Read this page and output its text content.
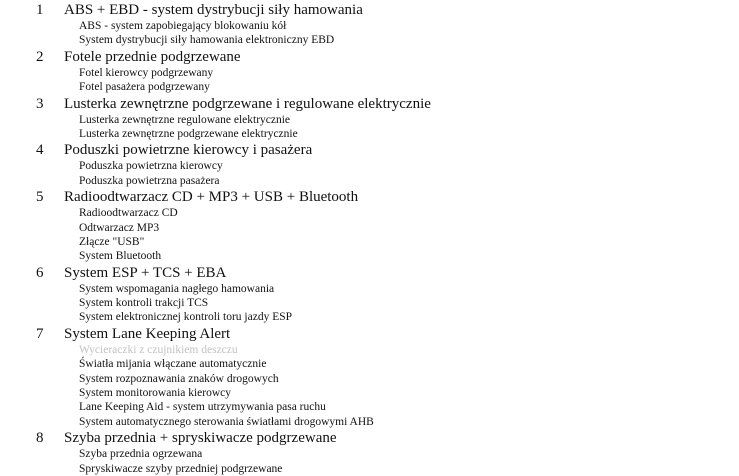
1 ABS + EBD - system dystrybucji siły hamowania
ABS - system zapobiegający blokowaniu kół
System dystrybucji siły hamowania elektroniczny EBD
2 Fotele przednie podgrzewane
Fotel kierowcy podgrzewany
Fotel pasażera podgrzewany
3 Lusterka zewnętrzne podgrzewane i regulowane elektrycznie
Lusterka zewnętrzne regulowane elektrycznie
Lusterka zewnętrzne podgrzewane elektrycznie
4 Poduszki powietrzne kierowcy i pasażera
Poduszka powietrzna kierowcy
Poduszka powietrzna pasażera
5 Radioodtwarzacz CD + MP3 + USB + Bluetooth
Radioodtwarzacz CD
Odtwarzacz MP3
Złącze "USB"
System Bluetooth
6 System ESP + TCS + EBA
System wspomagania nagłego hamowania
System kontroli trakcji TCS
System elektronicznej kontroli toru jazdy ESP
7 System Lane Keeping Alert
Wycieraczki z czujnikiem deszczu
Światła mijania włączane automatycznie
System rozpoznawania znaków drogowych
System monitorowania kierowcy
Lane Keeping Aid - system utrzymywania pasa ruchu
System automatycznego sterowania światłami drogowymi AHB
8 Szyba przednia + spryskiwacze podgrzewane
Szyba przednia ogrzewana
Spryskiwacze szyby przedniej podgrzewane
